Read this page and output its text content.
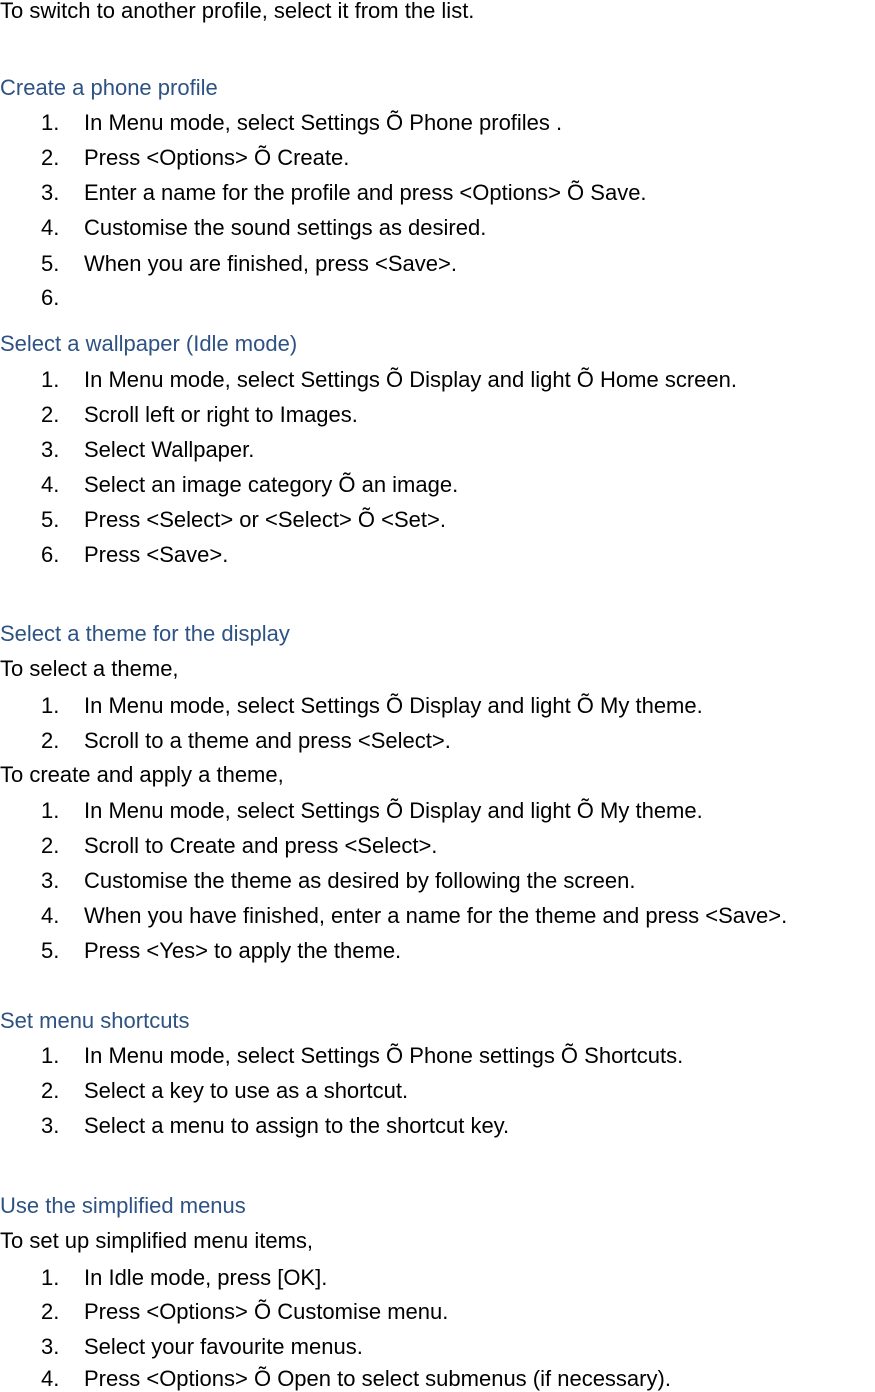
To switch to another profile, select it from the list.
Create a phone profile
1. In Menu mode, select Settings Õ Phone profiles .
2. Press <Options> Õ Create.
3. Enter a name for the profile and press <Options> Õ Save.
4. Customise the sound settings as desired.
5. When you are finished, press <Save>.
6.
Select a wallpaper (Idle mode)
1. In Menu mode, select Settings Õ Display and light Õ Home screen.
2. Scroll left or right to Images.
3. Select Wallpaper.
4. Select an image category Õ an image.
5. Press <Select> or <Select> Õ <Set>.
6. Press <Save>.
Select a theme for the display
To select a theme,
1. In Menu mode, select Settings Õ Display and light Õ My theme.
2. Scroll to a theme and press <Select>.
To create and apply a theme,
1. In Menu mode, select Settings Õ Display and light Õ My theme.
2. Scroll to Create and press <Select>.
3. Customise the theme as desired by following the screen.
4. When you have finished, enter a name for the theme and press <Save>.
5. Press <Yes> to apply the theme.
Set menu shortcuts
1. In Menu mode, select Settings Õ Phone settings Õ Shortcuts.
2. Select a key to use as a shortcut.
3. Select a menu to assign to the shortcut key.
Use the simplified menus
To set up simplified menu items,
1. In Idle mode, press [OK].
2. Press <Options> Õ Customise menu.
3. Select your favourite menus.
4. Press <Options> Õ Open to select submenus (if necessary).
